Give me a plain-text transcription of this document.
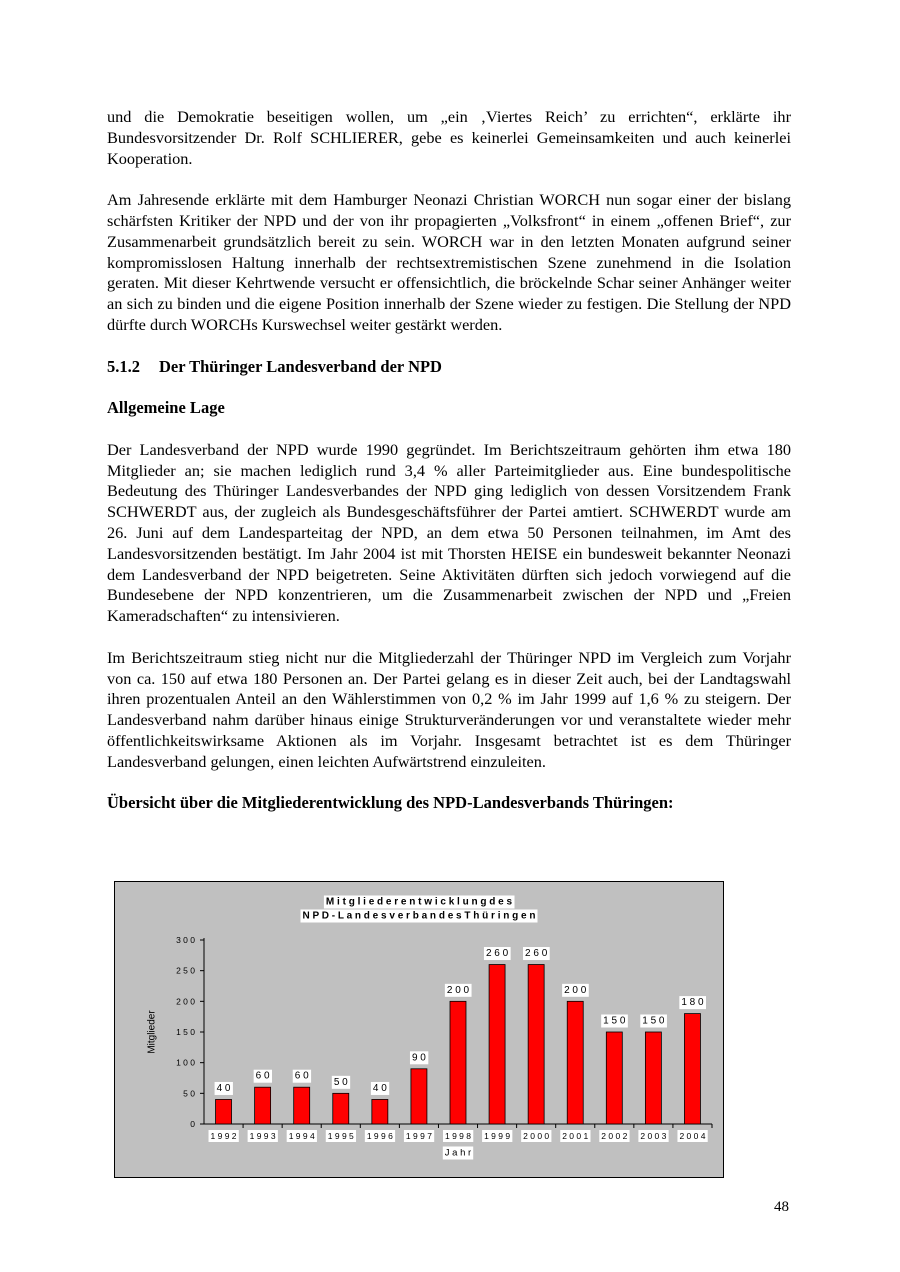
und die Demokratie beseitigen wollen, um „ein ‚Viertes Reich’ zu errichten“, erklärte ihr Bundesvorsitzender Dr. Rolf SCHLIERER, gebe es keinerlei Gemeinsamkeiten und auch keinerlei Kooperation.

Am Jahresende erklärte mit dem Hamburger Neonazi Christian WORCH nun sogar einer der bislang schärfsten Kritiker der NPD und der von ihr propagierten „Volksfront“ in einem „offenen Brief“, zur Zusammenarbeit grundsätzlich bereit zu sein. WORCH war in den letzten Monaten aufgrund seiner kompromisslosen Haltung innerhalb der rechtsextremistischen Szene zunehmend in die Isolation geraten. Mit dieser Kehrtwende versucht er offensichtlich, die bröckelnde Schar seiner Anhänger weiter an sich zu binden und die eigene Position innerhalb der Szene wieder zu festigen. Die Stellung der NPD dürfte durch WORCHs Kurswechsel weiter gestärkt werden.

5.1.2 Der Thüringer Landesverband der NPD

Allgemeine Lage

Der Landesverband der NPD wurde 1990 gegründet. Im Berichtszeitraum gehörten ihm etwa 180 Mitglieder an; sie machen lediglich rund 3,4 % aller Parteimitglieder aus. Eine bundespolitische Bedeutung des Thüringer Landesverbandes der NPD ging lediglich von dessen Vorsitzendem Frank SCHWERDT aus, der zugleich als Bundesgeschäftsführer der Partei amtiert. SCHWERDT wurde am 26. Juni auf dem Landesparteitag der NPD, an dem etwa 50 Personen teilnahmen, im Amt des Landesvorsitzenden bestätigt. Im Jahr 2004 ist mit Thorsten HEISE ein bundesweit bekannter Neonazi dem Landesverband der NPD beigetreten. Seine Aktivitäten dürften sich jedoch vorwiegend auf die Bundesebene der NPD konzentrieren, um die Zusammenarbeit zwischen der NPD und „Freien Kameradschaften“ zu intensivieren.

Im Berichtszeitraum stieg nicht nur die Mitgliederzahl der Thüringer NPD im Vergleich zum Vorjahr von ca. 150 auf etwa 180 Personen an. Der Partei gelang es in dieser Zeit auch, bei der Landtagswahl ihren prozentualen Anteil an den Wählerstimmen von 0,2 % im Jahr 1999 auf 1,6 % zu steigern. Der Landesverband nahm darüber hinaus einige Strukturveränderungen vor und veranstaltete wieder mehr öffentlichkeitswirksame Aktionen als im Vorjahr. Insgesamt betrachtet ist es dem Thüringer Landesverband gelungen, einen leichten Aufwärtstrend einzuleiten.

Übersicht über die Mitgliederentwicklung des NPD-Landesverbands Thüringen:

M i t g l i e d e r e n t w i c k l u n g d e s
N P D - L a n d e s v e r b a n d e s T h ü r i n g e n
Mitglieder
0
5 0
1 0 0
1 5 0
2 0 0
2 5 0
3 0 0
4 0
1 9 9 2
6 0
1 9 9 3
6 0
1 9 9 4
5 0
1 9 9 5
4 0
1 9 9 6
9 0
1 9 9 7
2 0 0
1 9 9 8
2 6 0
1 9 9 9
2 6 0
2 0 0 0
2 0 0
2 0 0 1
1 5 0
2 0 0 2
1 5 0
2 0 0 3
1 8 0
2 0 0 4
J a h r
48
